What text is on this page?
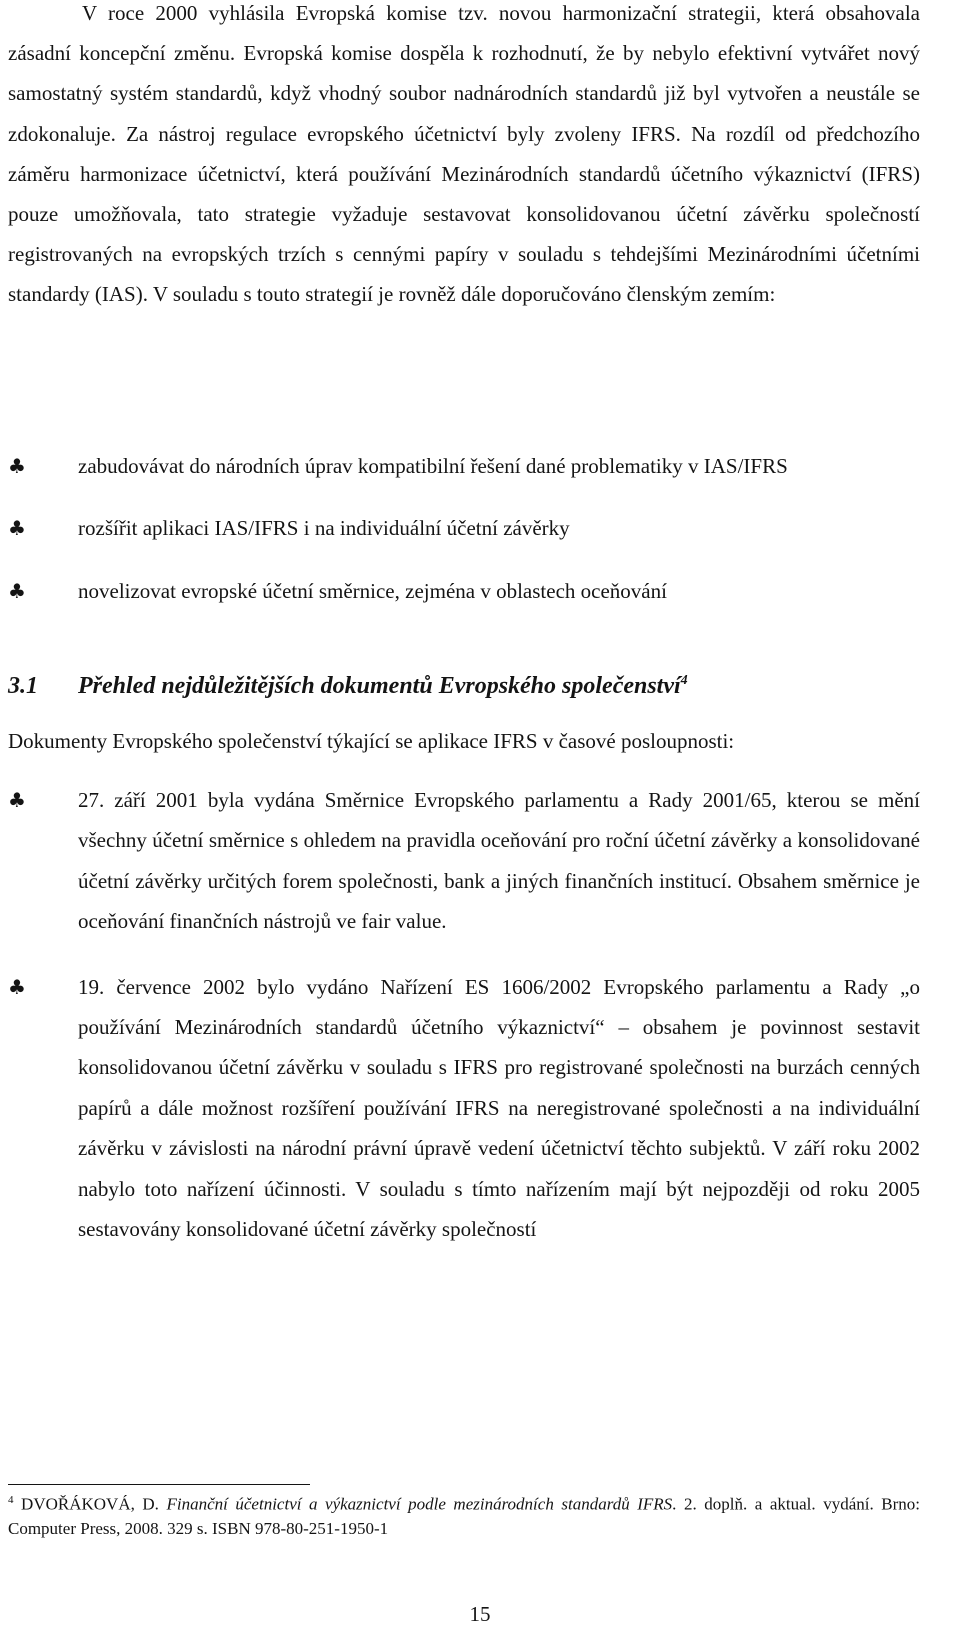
V roce 2000 vyhlásila Evropská komise tzv. novou harmonizační strategii, která obsahovala zásadní koncepční změnu. Evropská komise dospěla k rozhodnutí, že by nebylo efektivní vytvářet nový samostatný systém standardů, když vhodný soubor nadnárodních standardů již byl vytvořen a neustále se zdokonaluje. Za nástroj regulace evropského účetnictví byly zvoleny IFRS. Na rozdíl od předchozího záměru harmonizace účetnictví, která používání Mezinárodních standardů účetního výkaznictví (IFRS) pouze umožňovala, tato strategie vyžaduje sestavovat konsolidovanou účetní závěrku společností registrovaných na evropských trzích s cennými papíry v souladu s tehdejšími Mezinárodními účetními standardy (IAS). V souladu s touto strategií je rovněž dále doporučováno členským zemím:

♣	zabudovávat do národních úprav kompatibilní řešení dané problematiky v IAS/IFRS
♣	rozšířit aplikaci IAS/IFRS i na individuální účetní závěrky
♣	novelizovat evropské účetní směrnice, zejména v oblastech oceňování
3.1 Přehled nejdůležitějších dokumentů Evropského společenství$^4$

Dokumenty Evropského společenství týkající se aplikace IFRS v časové posloupnosti:

♣	27. září 2001 byla vydána Směrnice Evropského parlamentu a Rady 2001/65, kterou se mění všechny účetní směrnice s ohledem na pravidla oceňování pro roční účetní závěrky a konsolidované účetní závěrky určitých forem společnosti, bank a jiných finančních institucí. Obsahem směrnice je oceňování finančních nástrojů ve fair value.
♣	19. července 2002 bylo vydáno Nařízení ES 1606/2002 Evropského parlamentu a Rady „o používání Mezinárodních standardů účetního výkaznictví“ – obsahem je povinnost sestavit konsolidovanou účetní závěrku v souladu s IFRS pro registrované společnosti na burzách cenných papírů a dále možnost rozšíření používání IFRS na neregistrované společnosti a na individuální závěrku v závislosti na národní právní úpravě vedení účetnictví těchto subjektů. V září roku 2002 nabylo toto nařízení účinnosti. V souladu s tímto nařízením mají být nejpozději od roku 2005 sestavovány konsolidované účetní závěrky společností

$^4$ DVOŘÁKOVÁ, D. Finanční účetnictví a výkaznictví podle mezinárodních standardů IFRS. 2. doplň. a aktual. vydání. Brno: Computer Press, 2008. 329 s. ISBN 978-80-251-1950-1

15
